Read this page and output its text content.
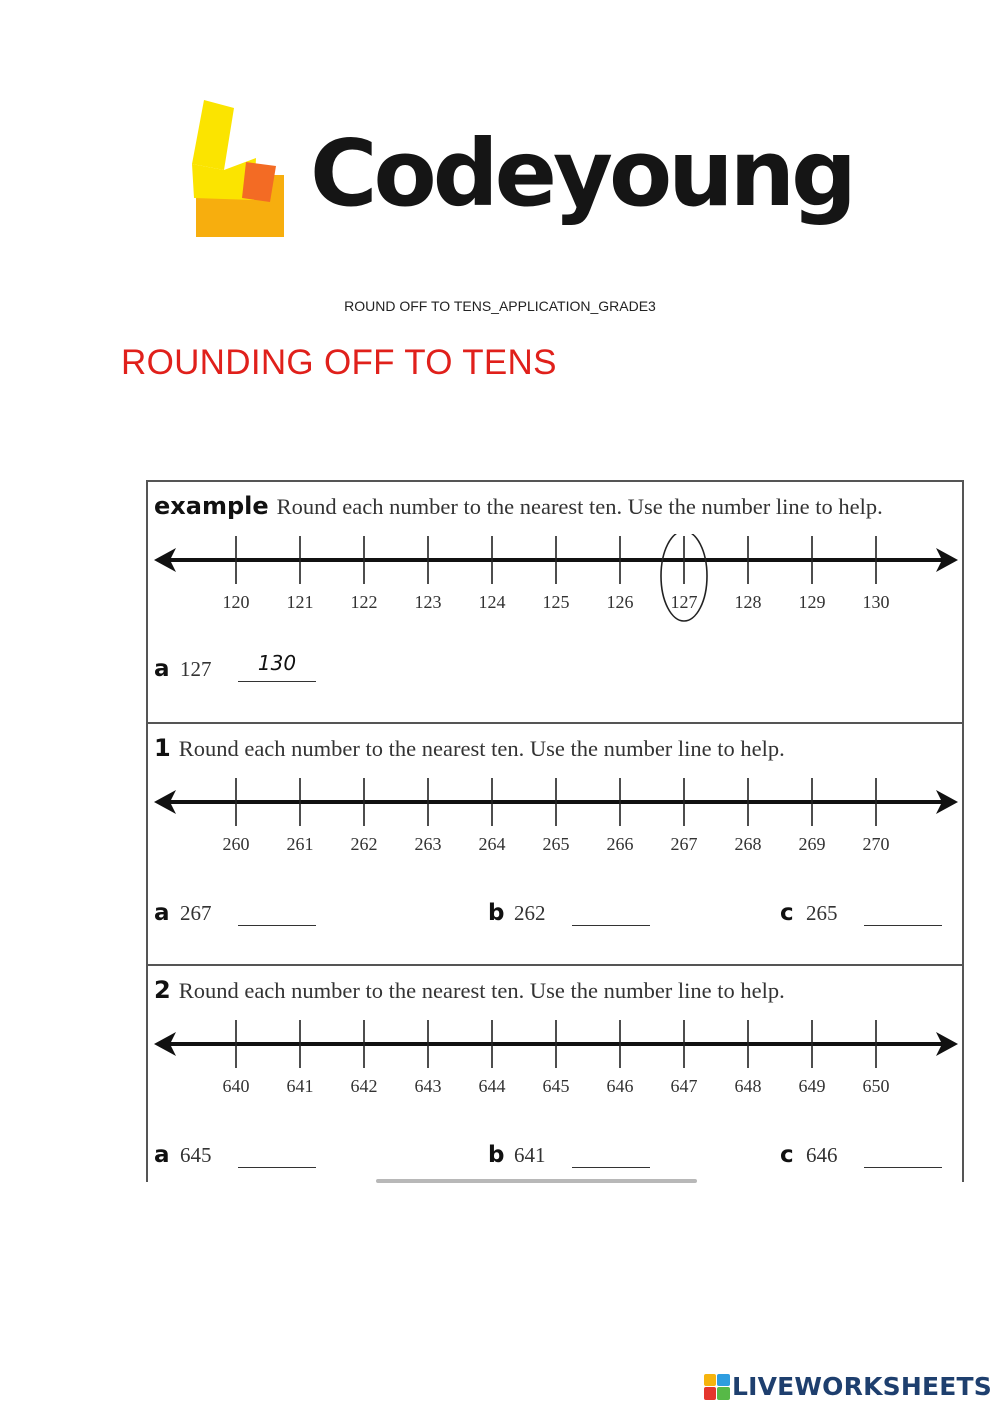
Codeyoung
ROUND OFF TO TENS_APPLICATION_GRADE3
ROUNDING OFF TO TENS
example Round each number to the nearest ten. Use the number line to help.
120 121 122 123 124 125 126 127 128 129 130
a 127 130
1 Round each number to the nearest ten. Use the number line to help.
260 261 262 263 264 265 266 267 268 269 270
a 267	b 262	c 265
2 Round each number to the nearest ten. Use the number line to help.
640 641 642 643 644 645 646 647 648 649 650
a 645	b 641	c 646
LIVEWORKSHEETS
